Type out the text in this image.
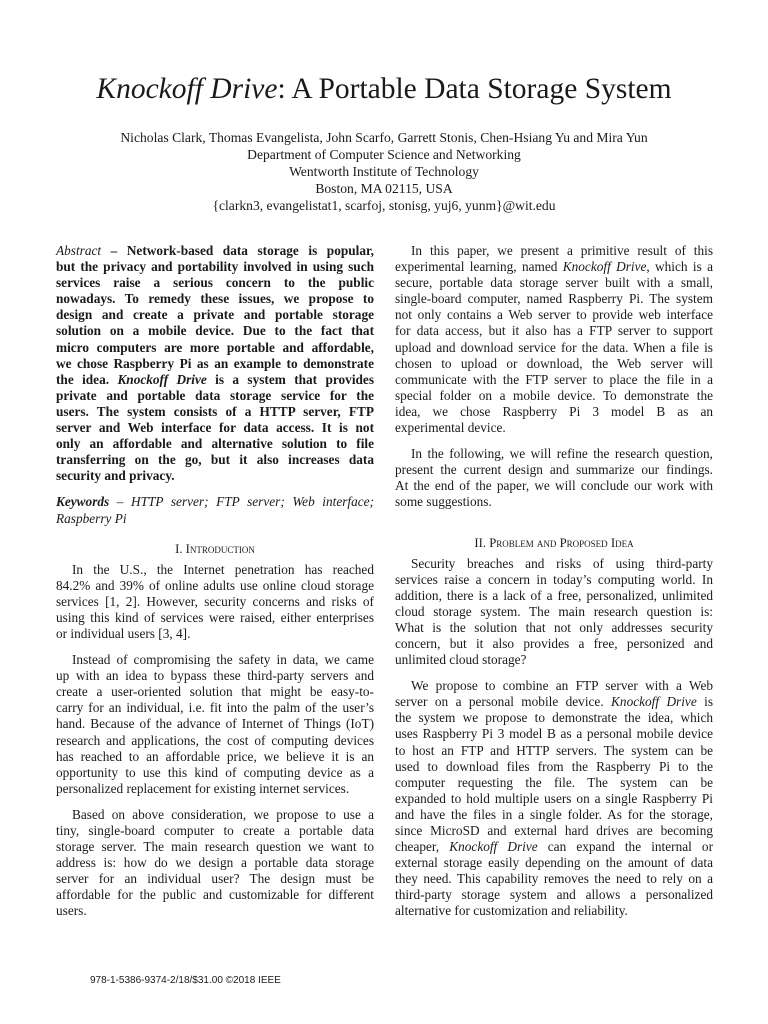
Knockoff Drive: A Portable Data Storage System
Nicholas Clark, Thomas Evangelista, John Scarfo, Garrett Stonis, Chen-Hsiang Yu and Mira Yun
Department of Computer Science and Networking
Wentworth Institute of Technology
Boston, MA 02115, USA
{clarkn3, evangelistat1, scarfoj, stonisg, yuj6, yunm}@wit.edu
Abstract – Network-based data storage is popular,
but the privacy and portability involved in using such
services raise a serious concern to the public
nowadays. To remedy these issues, we propose to
design and create a private and portable storage
solution on a mobile device. Due to the fact that
micro computers are more portable and affordable,
we chose Raspberry Pi as an example to demonstrate
the idea. Knockoff Drive is a system that provides
private and portable data storage service for the
users. The system consists of a HTTP server, FTP
server and Web interface for data access. It is not
only an affordable and alternative solution to file
transferring on the go, but it also increases data
security and privacy.
Keywords – HTTP server; FTP server; Web interface;
Raspberry Pi
I. Introduction
In the U.S., the Internet penetration has reached
84.2% and 39% of online adults use online cloud storage
services [1, 2]. However, security concerns and risks of
using this kind of services were raised, either enterprises
or individual users [3, 4].
Instead of compromising the safety in data, we came
up with an idea to bypass these third-party servers and
create a user-oriented solution that might be easy-to-
carry for an individual, i.e. fit into the palm of the user’s
hand. Because of the advance of Internet of Things (IoT)
research and applications, the cost of computing devices
has reached to an affordable price, we believe it is an
opportunity to use this kind of computing device as a
personalized replacement for existing internet services.
Based on above consideration, we propose to use a
tiny, single-board computer to create a portable data
storage server. The main research question we want to
address is: how do we design a portable data storage
server for an individual user? The design must be
affordable for the public and customizable for different
users.
In this paper, we present a primitive result of this
experimental learning, named Knockoff Drive, which is a
secure, portable data storage server built with a small,
single-board computer, named Raspberry Pi. The system
not only contains a Web server to provide web interface
for data access, but it also has a FTP server to support
upload and download service for the data. When a file is
chosen to upload or download, the Web server will
communicate with the FTP server to place the file in a
special folder on a mobile device. To demonstrate the
idea, we chose Raspberry Pi 3 model B as an
experimental device.
In the following, we will refine the research question,
present the current design and summarize our findings.
At the end of the paper, we will conclude our work with
some suggestions.
II. Problem and Proposed Idea
Security breaches and risks of using third-party
services raise a concern in today’s computing world. In
addition, there is a lack of a free, personalized, unlimited
cloud storage system. The main research question is:
What is the solution that not only addresses security
concern, but it also provides a free, personized and
unlimited cloud storage?
We propose to combine an FTP server with a Web
server on a personal mobile device. Knockoff Drive is
the system we propose to demonstrate the idea, which
uses Raspberry Pi 3 model B as a personal mobile device
to host an FTP and HTTP servers. The system can be
used to download files from the Raspberry Pi to the
computer requesting the file. The system can be
expanded to hold multiple users on a single Raspberry Pi
and have the files in a single folder. As for the storage,
since MicroSD and external hard drives are becoming
cheaper, Knockoff Drive can expand the internal or
external storage easily depending on the amount of data
they need. This capability removes the need to rely on a
third-party storage system and allows a personalized
alternative for customization and reliability.
978-1-5386-9374-2/18/$31.00 ©2018 IEEE
